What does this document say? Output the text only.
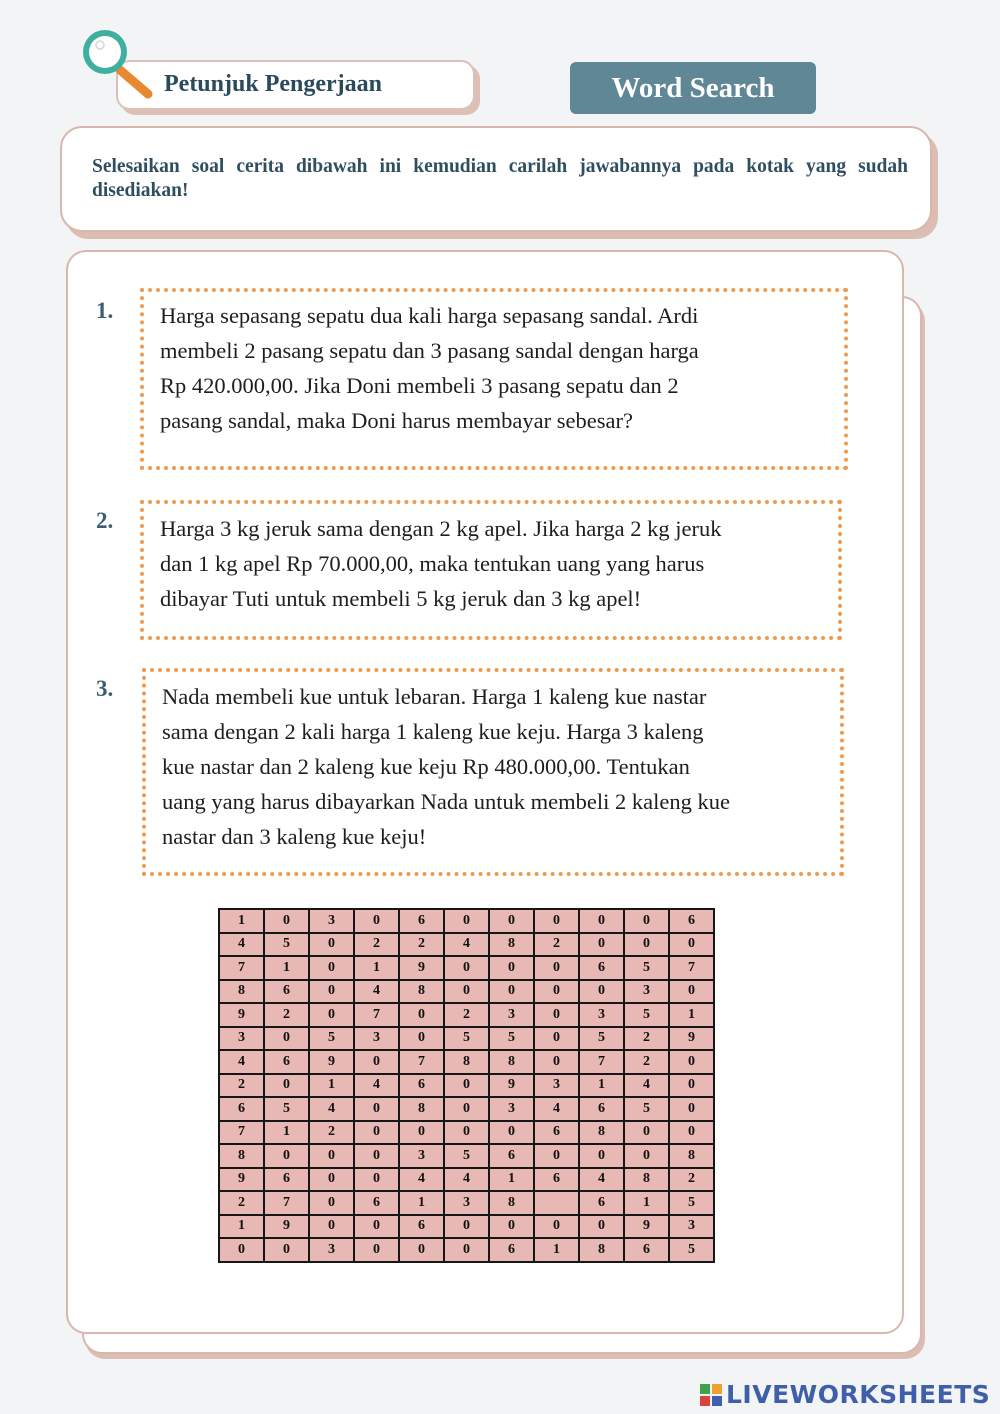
Petunjuk Pengerjaan	Word Search
Selesaikan soal cerita dibawah ini kemudian carilah jawabannya pada kotak yang sudah disediakan!
1. Harga sepasang sepatu dua kali harga sepasang sandal. Ardi
membeli 2 pasang sepatu dan 3 pasang sandal dengan harga
Rp 420.000,00. Jika Doni membeli 3 pasang sepatu dan 2
pasang sandal, maka Doni harus membayar sebesar?
2. Harga 3 kg jeruk sama dengan 2 kg apel. Jika harga 2 kg jeruk
dan 1 kg apel Rp 70.000,00, maka tentukan uang yang harus
dibayar Tuti untuk membeli 5 kg jeruk dan 3 kg apel!
3. Nada membeli kue untuk lebaran. Harga 1 kaleng kue nastar
sama dengan 2 kali harga 1 kaleng kue keju. Harga 3 kaleng
kue nastar dan 2 kaleng kue keju Rp 480.000,00. Tentukan
uang yang harus dibayarkan Nada untuk membeli 2 kaleng kue
nastar dan 3 kaleng kue keju!
1	0	3	0	6	0	0	0	0	0	6
4	5	0	2	2	4	8	2	0	0	0
7	1	0	1	9	0	0	0	6	5	7
8	6	0	4	8	0	0	0	0	3	0
9	2	0	7	0	2	3	0	3	5	1
3	0	5	3	0	5	5	0	5	2	9
4	6	9	0	7	8	8	0	7	2	0
2	0	1	4	6	0	9	3	1	4	0
6	5	4	0	8	0	3	4	6	5	0
7	1	2	0	0	0	0	6	8	0	0
8	0	0	0	3	5	6	0	0	0	8
9	6	0	0	4	4	1	6	4	8	2
2	7	0	6	1	3	8		6	1	5
1	9	0	0	6	0	0	0	0	9	3
0	0	3	0	0	0	6	1	8	6	5
LIVEWORKSHEETS
